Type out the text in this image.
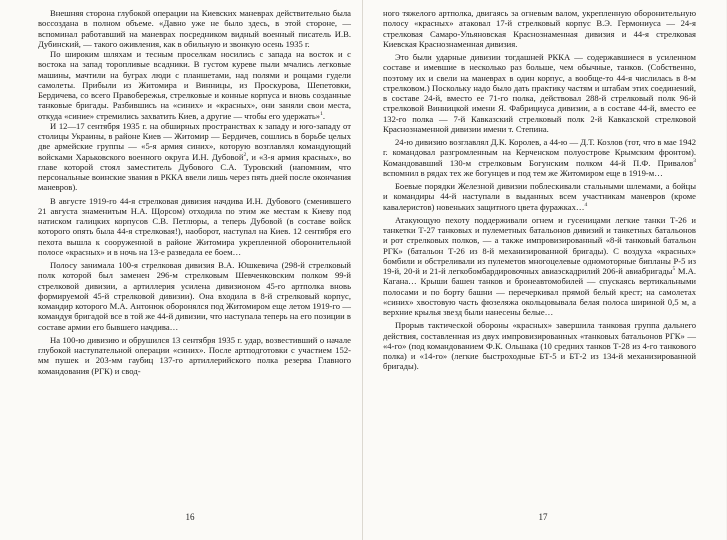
Внешняя сторона глубокой операции на Киевских маневрах действительно была воссоздана в полном объеме. «Давно уже не было здесь, в этой стороне, — вспоминал работавший на маневрах посредником видный военный писатель И.В. Дубинский, — такого оживления, как в обильную и звонкую осень 1935 г.

По широким шляхам и тесным проселкам носились с запада на восток и с востока на запад торопливые всадники. В густом куреве пыли мчались легковые машины, мачтили на буграх люди с планшетами, над полями и рощами гудели самолеты. Прибыли из Житомира и Винницы, из Проскурова, Шепетовки, Бердичева, со всего Правобережья, стрелковые и конные корпуса и вновь созданные танковые бригады. Разбившись на «синих» и «красных», они заняли свои места, откуда «синие» стремились захватить Киев, а другие — чтобы его удержать»$^1$.

И 12—17 сентября 1935 г. на обширных пространствах к западу и юго-западу от столицы Украины, в районе Киев — Житомир — Бердичев, сошлись в борьбе целых две армейские группы — «5-я армия синих», которую возглавлял командующий войсками Харьковского военного округа И.Н. Дубовой$^2$, и «3-я армия красных», во главе которой стоял заместитель Дубового С.А. Туровский (напомним, что персональные воинские звания в РККА ввели лишь через пять дней после окончания маневров).

В августе 1919-го 44-я стрелковая дивизия начдива И.Н. Дубового (сменившего 21 августа знаменитым Н.А. Щорсом) отходила по этим же местам к Киеву под натиском галицких корпусов С.В. Петлюры, а теперь Дубовой (в составе войск которого опять была 44-я стрелковая!), наоборот, наступал на Киев. 12 сентября его пехота вышла к сооруженной в районе Житомира укрепленной оборонительной полосе «красных» и в ночь на 13-е разведала ее боем…

Полосу занимала 100-я стрелковая дивизия В.А. Юшкевича (298-й стрелковый полк которой был заменен 296-м стрелковым Шевченковским полком 99-й стрелковой дивизии, а артиллерия усилена дивизионом 45-го артполка вновь формируемой 45-й стрелковой дивизии). Она входила в 8-й стрелковый корпус, командир которого М.А. Антонюк оборонялся под Житомиром еще летом 1919-го — командуя бригадой все в той же 44-й дивизии, что наступала теперь на его позиции в составе армии его бывшего начдива…

На 100-ю дивизию и обрушился 13 сентября 1935 г. удар, возвестивший о начале глубокой наступательной операции «синих». После артподготовки с участием 152-мм пушек и 203-мм гаубиц 137-го артиллерийского полка резерва Главного командования (РГК) и свод-

16

ного тяжелого артполка, двигаясь за огневым валом, укрепленную оборонительную полосу «красных» атаковал 17-й стрелковый корпус В.Э. Гермониуса — 24-я стрелковая Самаро-Ульяновская Краснознаменная дивизия и 44-я стрелковая Киевская Краснознаменная дивизия.

Это были ударные дивизии тогдашней РККА — содержавшиеся в усиленном составе и имевшие в несколько раз больше, чем обычные, танков. (Собственно, поэтому их и свели на маневрах в один корпус, а вообще-то 44-я числилась в 8-м стрелковом.) Поскольку надо было дать практику частям и штабам этих соединений, в составе 24-й, вместо ее 71-го полка, действовал 288-й стрелковый полк 96-й стрелковой Винницкой имени Я. Фабрициуса дивизии, а в составе 44-й, вместо ее 132-го полка — 7-й Кавказский стрелковый полк 2-й Кавказской стрелковой Краснознаменной дивизии имени т. Степина.

24-ю дивизию возглавлял Д.К. Королев, а 44-ю — Д.Т. Козлов (тот, что в мае 1942 г. командовал разгромленным на Керченском полуострове Крымским фронтом). Командовавший 130-м стрелковым Богунским полком 44-й П.Ф. Привалов$^3$ вспомнил в рядах тех же богунцев и под тем же Житомиром еще в 1919-м…

Боевые порядки Железной дивизии поблескивали стальными шлемами, а бойцы и командиры 44-й наступали в выданных всем участникам маневров (кроме кавалеристов) новеньких защитного цвета фуражках…$^4$

Атакующую пехоту поддерживали огнем и гусеницами легкие танки Т-26 и танкетки Т-27 танковых и пулеметных батальонов дивизий и танкетных батальонов и рот стрелковых полков, — а также импровизированный «8-й танковый батальон РГК» (батальон Т-26 из 8-й механизированной бригады). С воздуха «красных» бомбили и обстреливали из пулеметов многоцелевые одномоторные бипланы Р-5 из 19-й, 20-й и 21-й легкобомбардировочных авиаэскадрилий 206-й авиабригады$^5$ М.А. Кагана… Крыши башен танков и бронеавтомобилей — спускаясь вертикальными полосами и по борту башни — перечеркивал прямой белый крест; на самолетах «синих» хвостовую часть фюзеляжа окольцовывала белая полоса шириной 0,5 м, а верхние крылья звезд были нанесены белые…

Прорыв тактической обороны «красных» завершила танковая группа дальнего действия, составленная из двух импровизированных «танковых батальонов РГК» — «4-го» (под командованием Ф.К. Ольшака (10 средних танков Т-28 из 4-го танкового полка) и «14-го» (легкие быстроходные БТ-5 и БТ-2 из 134-й механизированной бригады).

17
